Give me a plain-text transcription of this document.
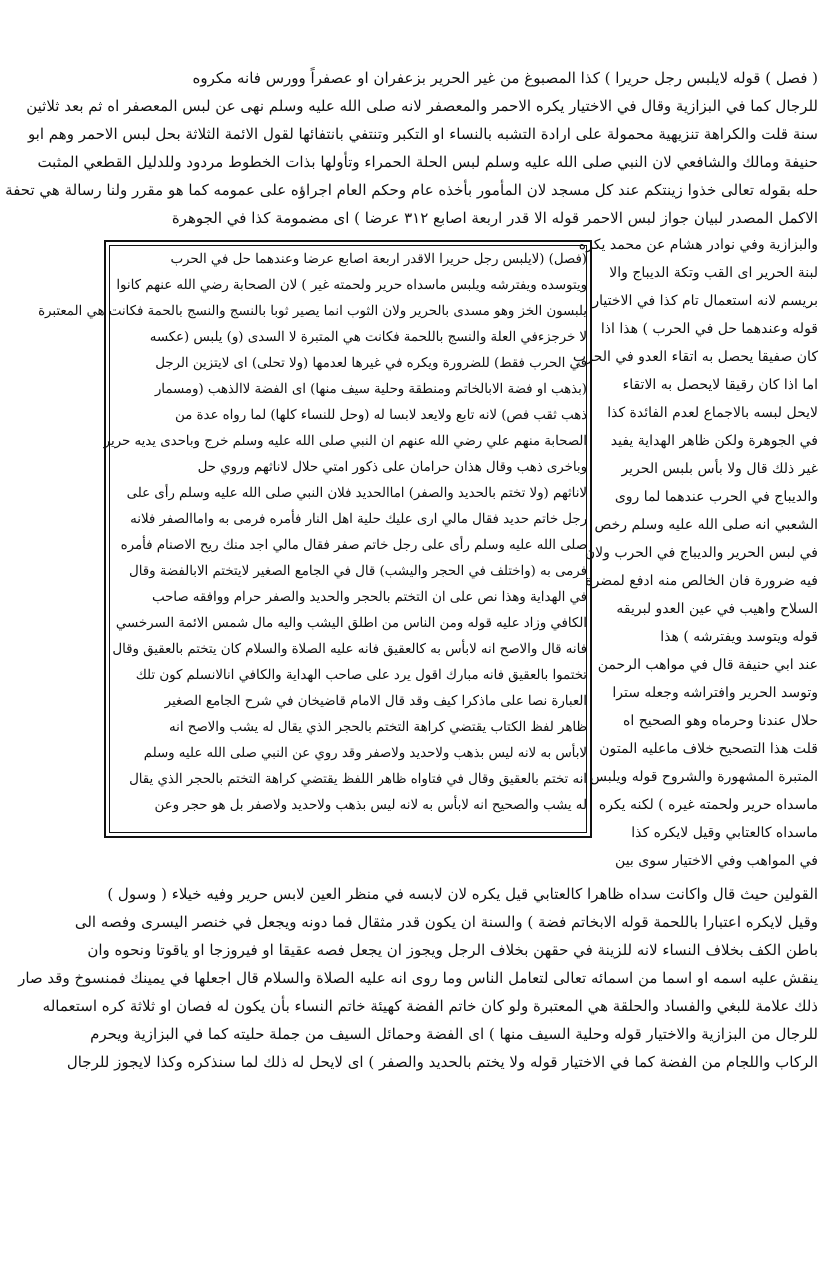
( فصل ) قوله لايلبس رجل حريرا ) كذا المصبوغ من غير الحرير بزعفران او عصفراً وورس فانه مكروه
للرجال كما في البزازية وقال في الاختيار يكره الاحمر والمعصفر لانه صلى الله عليه وسلم نهى عن لبس المعصفر اه ثم بعد ثلاثين
سنة قلت والكراهة تنزيهية محمولة على ارادة التشبه بالنساء او التكبر وتنتفي بانتفائها لقول الائمة الثلاثة بحل لبس الاحمر وهم ابو
حنيفة ومالك والشافعي لان النبي صلى الله عليه وسلم لبس الحلة الحمراء وتأولها بذات الخطوط مردود وللدليل القطعي المثبت
حله بقوله تعالى خذوا زينتكم عند كل مسجد لان المأمور بأخذه عام وحكم العام اجراؤه على عمومه كما هو مقرر ولنا رسالة هي تحفة
الاكمل المصدر لبيان جواز لبس الاحمر قوله الا قدر اربعة اصابع ٣١٢ عرضا ) اى مضمومة كذا في الجوهرة
والبزازية وفي نوادر هشام عن محمد يكره
لبنة الحرير اى القب وتكة الديباج والا
بريسم لانه استعمال تام كذا في الاختيار
قوله وعندهما حل في الحرب ) هذا اذا
كان صفيقا يحصل به اتقاء العدو في الحرب
اما اذا كان رقيقا لايحصل به الاتقاء
لايحل لبسه بالاجماع لعدم الفائدة كذا
في الجوهرة ولكن ظاهر الهداية يفيد
غير ذلك قال ولا بأس بلبس الحرير
والديباج في الحرب عندهما لما روى
الشعبي انه صلى الله عليه وسلم رخص
في لبس الحرير والديباج في الحرب ولان
فيه ضرورة فان الخالص منه ادفع لمضرة
السلاح واهيب في عين العدو لبريقه
قوله ويتوسد ويفترشه ) هذا
عند ابي حنيفة قال في مواهب الرحمن
وتوسد الحرير وافتراشه وجعله سترا
حلال عندنا وحرماه وهو الصحيح اه
قلت هذا التصحيح خلاف ماعليه المتون
المتبرة المشهورة والشروح قوله ويلبس
ماسداه حرير ولحمته غيره ) لكنه يكره
ماسداه كالعتابي وقيل لايكره كذا
في المواهب وفي الاختيار سوى بين
(فصل) (لايلبس رجل حريرا الاقدر اربعة اصابع عرضا وعندهما حل في الحرب
ويتوسده ويفترشه ويلبس ماسداه حرير ولحمته غير ) لان الصحابة رضي الله عنهم كانوا
يلبسون الخز وهو مسدى بالحرير ولان الثوب انما يصير ثوبا بالنسج والنسج بالحمة فكانت هي المعتبرة
لا خرجزءفي العلة والنسج باللحمة فكانت هي المتبرة لا السدى (و) يلبس (عكسه
في الحرب فقط) للضرورة ويكره في غيرها لعدمها (ولا تحلى) اى لايتزين الرجل
(بذهب او فضة الابالخاتم ومنطقة وحلية سيف منها) اى الفضة لاالذهب (ومسمار
ذهب ثقب فص) لانه تابع ولايعد لابسا له (وحل للنساء كلها) لما رواه عدة من
الصحابة منهم علي رضي الله عنهم ان النبي صلى الله عليه وسلم خرج وباحدى يديه حرير
وباخرى ذهب وقال هذان حرامان على ذكور امتي حلال لاناثهم وروي حل
لاناثهم (ولا تختم بالحديد والصفر) اماالحديد فلان النبي صلى الله عليه وسلم رأى على
رجل خاتم حديد فقال مالي ارى عليك حلية اهل النار فأمره فرمى به واماالصفر فلانه
صلى الله عليه وسلم رأى على رجل خاتم صفر فقال مالي اجد منك ريح الاصنام فأمره
فرمى به (واختلف في الحجر واليشب) قال في الجامع الصغير لايتختم الابالفضة وقال
في الهداية وهذا نص على ان التختم بالحجر والحديد والصفر حرام ووافقه صاحب
الكافي وزاد عليه قوله ومن الناس من اطلق اليشب واليه مال شمس الائمة السرخسي
فانه قال والاصح انه لابأس به كالعقيق فانه عليه الصلاة والسلام كان يتختم بالعقيق وقال
تختموا بالعقيق فانه مبارك اقول يرد على صاحب الهداية والكافي انالانسلم كون تلك
العبارة نصا على ماذكرا كيف وقد قال الامام قاضيخان في شرح الجامع الصغير
ظاهر لفظ الكتاب يقتضي كراهة التختم بالحجر الذي يقال له يشب والاصح انه
لابأس به لانه ليس بذهب ولاحديد ولاصفر وقد روي عن النبي صلى الله عليه وسلم
انه تختم بالعقيق وقال في فتاواه ظاهر اللفظ يقتضي كراهة التختم بالحجر الذي يقال
له يشب والصحيح انه لابأس به لانه ليس بذهب ولاحديد ولاصفر بل هو حجر وعن
القولين حيث قال واكانت سداه ظاهرا كالعتابي قيل يكره لان لابسه في منظر العين لابس حرير وفيه خيلاء ( وسول )
وقيل لايكره اعتبارا باللحمة قوله الابخاتم فضة ) والسنة ان يكون قدر مثقال فما دونه ويجعل في خنصر اليسرى وفصه الى
باطن الكف بخلاف النساء لانه للزينة في حقهن بخلاف الرجل ويجوز ان يجعل فصه عقيقا او فيروزجا او ياقوتا ونحوه وان
ينقش عليه اسمه او اسما من اسمائه تعالى لتعامل الناس وما روى انه عليه الصلاة والسلام قال اجعلها في يمينك فمنسوخ وقد صار
ذلك علامة للبغي والفساد والحلقة هي المعتبرة ولو كان خاتم الفضة كهيئة خاتم النساء بأن يكون له فصان او ثلاثة كره استعماله
للرجال من البزازية والاختيار قوله وحلية السيف منها ) اى الفضة وحمائل السيف من جملة حليته كما في البزازية ويحرم
الركاب واللجام من الفضة كما في الاختيار قوله ولا يختم بالحديد والصفر ) اى لايحل له ذلك لما سنذكره وكذا لايجوز للرجال
